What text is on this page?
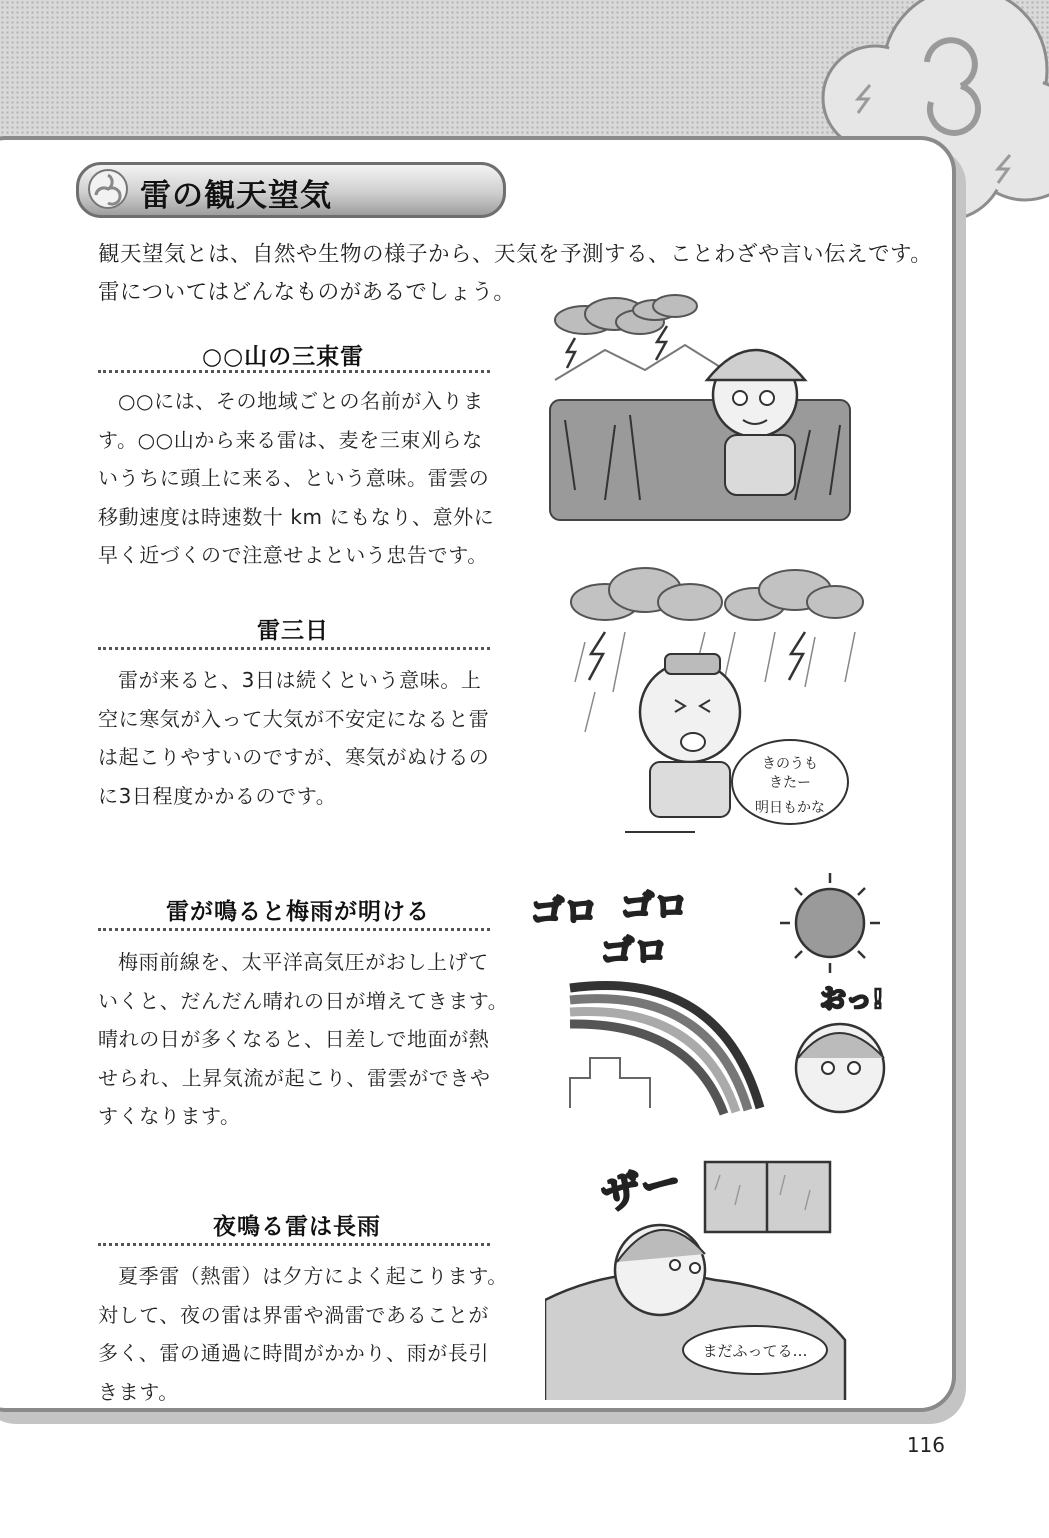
雷の観天望気
観天望気とは、自然や生物の様子から、天気を予測する、ことわざや言い伝えです。
雷についてはどんなものがあるでしょう。
○○山の三束雷
○○には、その地域ごとの名前が入りま
す。○○山から来る雷は、麦を三束刈らな
いうちに頭上に来る、という意味。雷雲の
移動速度は時速数十 km にもなり、意外に
早く近づくので注意せよという忠告です。
雷三日
雷が来ると、3日は続くという意味。上
空に寒気が入って大気が不安定になると雷
は起こりやすいのですが、寒気がぬけるの
に3日程度かかるのです。
雷が鳴ると梅雨が明ける
梅雨前線を、太平洋高気圧がおし上げて
いくと、だんだん晴れの日が増えてきます。
晴れの日が多くなると、日差しで地面が熱
せられ、上昇気流が起こり、雷雲ができや
すくなります。
夜鳴る雷は長雨
夏季雷（熱雷）は夕方によく起こります。
対して、夜の雷は界雷や渦雷であることが
多く、雷の通過に時間がかかり、雨が長引
きます。
きのうも
きたー
明日もかな
ゴロ ゴロ
ゴロ
おっ!
ザー
まだふってる…
116
